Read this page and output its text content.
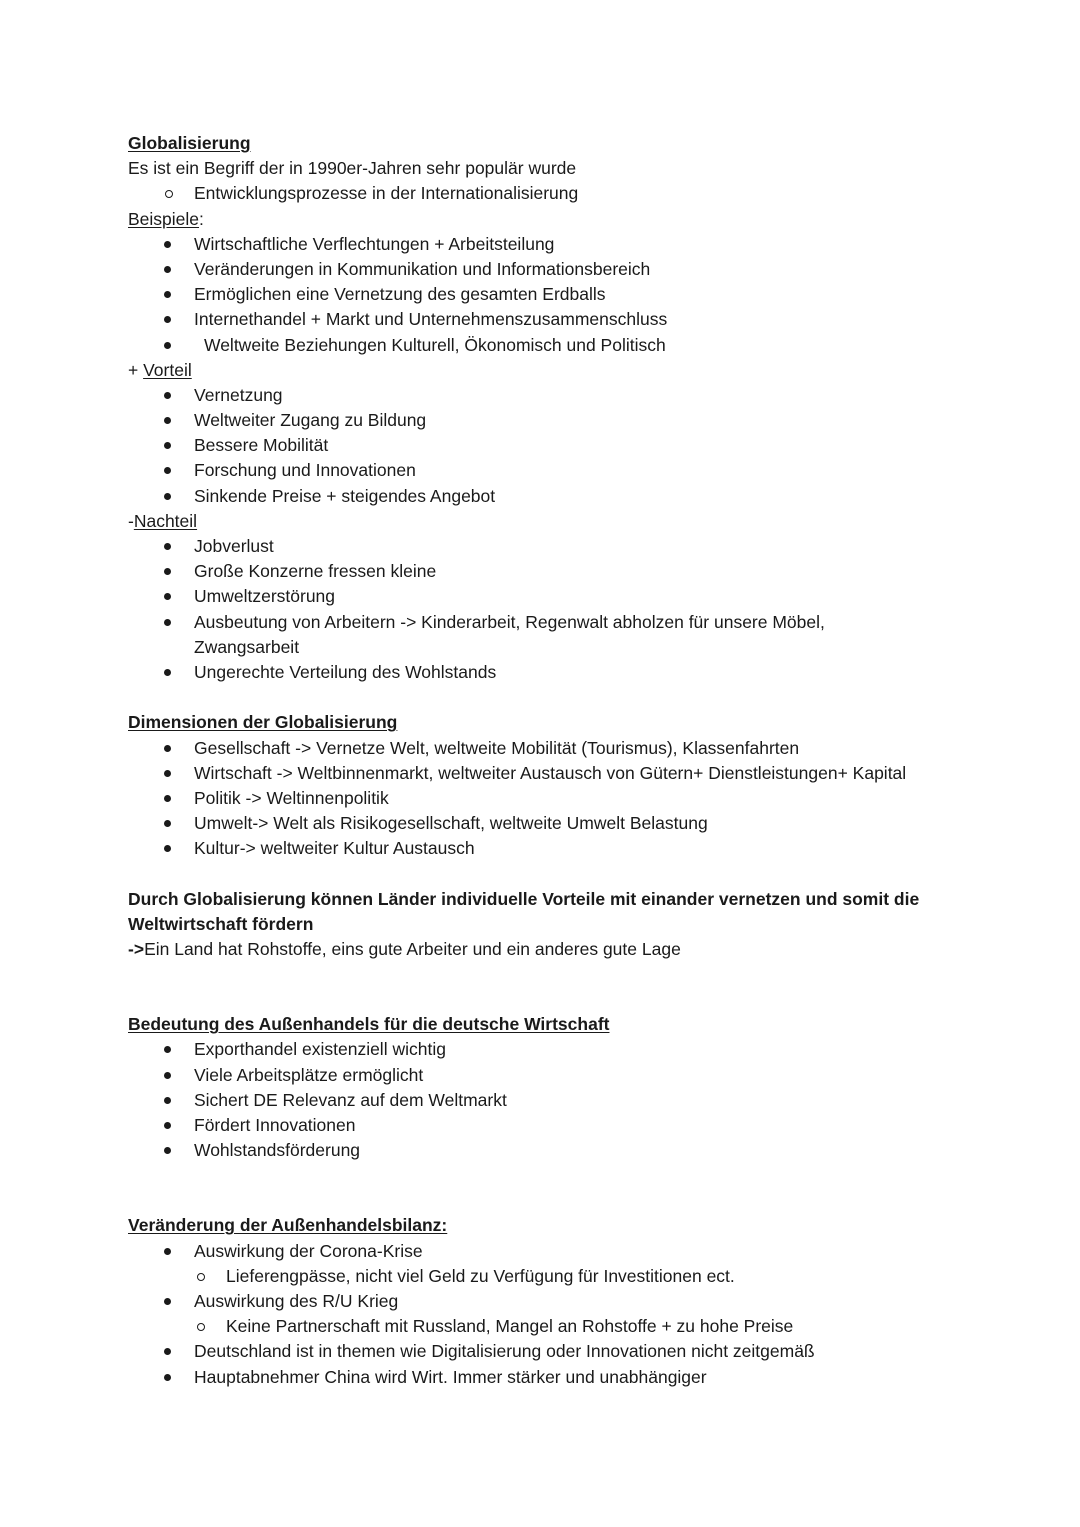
Globalisierung
Es ist ein Begriff der in 1990er-Jahren sehr populär wurde
Entwicklungsprozesse in der Internationalisierung
Beispiele:
Wirtschaftliche Verflechtungen + Arbeitsteilung
Veränderungen in Kommunikation und Informationsbereich
Ermöglichen eine Vernetzung des gesamten Erdballs
Internethandel + Markt und Unternehmenszusammenschluss
Weltweite Beziehungen Kulturell, Ökonomisch und Politisch
+ Vorteil
Vernetzung
Weltweiter Zugang zu Bildung
Bessere Mobilität
Forschung und Innovationen
Sinkende Preise + steigendes Angebot
-Nachteil
Jobverlust
Große Konzerne fressen kleine
Umweltzerstörung
Ausbeutung von Arbeitern -> Kinderarbeit, Regenwalt abholzen für unsere Möbel, Zwangsarbeit
Ungerechte Verteilung des Wohlstands
Dimensionen der Globalisierung
Gesellschaft -> Vernetze Welt, weltweite Mobilität (Tourismus), Klassenfahrten
Wirtschaft -> Weltbinnenmarkt, weltweiter Austausch von Gütern+ Dienstleistungen+ Kapital
Politik -> Weltinnenpolitik
Umwelt-> Welt als Risikogesellschaft, weltweite Umwelt Belastung
Kultur-> weltweiter Kultur Austausch
Durch Globalisierung können Länder individuelle Vorteile mit einander vernetzen und somit die Weltwirtschaft fördern
->Ein Land hat Rohstoffe, eins gute Arbeiter und ein anderes gute Lage
Bedeutung des Außenhandels für die deutsche Wirtschaft
Exporthandel existenziell wichtig
Viele Arbeitsplätze ermöglicht
Sichert DE Relevanz auf dem Weltmarkt
Fördert Innovationen
Wohlstandsförderung
Veränderung der Außenhandelsbilanz:
Auswirkung der Corona-Krise
Lieferengpässe, nicht viel Geld zu Verfügung für Investitionen ect.
Auswirkung des R/U Krieg
Keine Partnerschaft mit Russland, Mangel an Rohstoffe + zu hohe Preise
Deutschland ist in themen wie Digitalisierung oder Innovationen nicht zeitgemäß
Hauptabnehmer China wird Wirt. Immer stärker und unabhängiger
